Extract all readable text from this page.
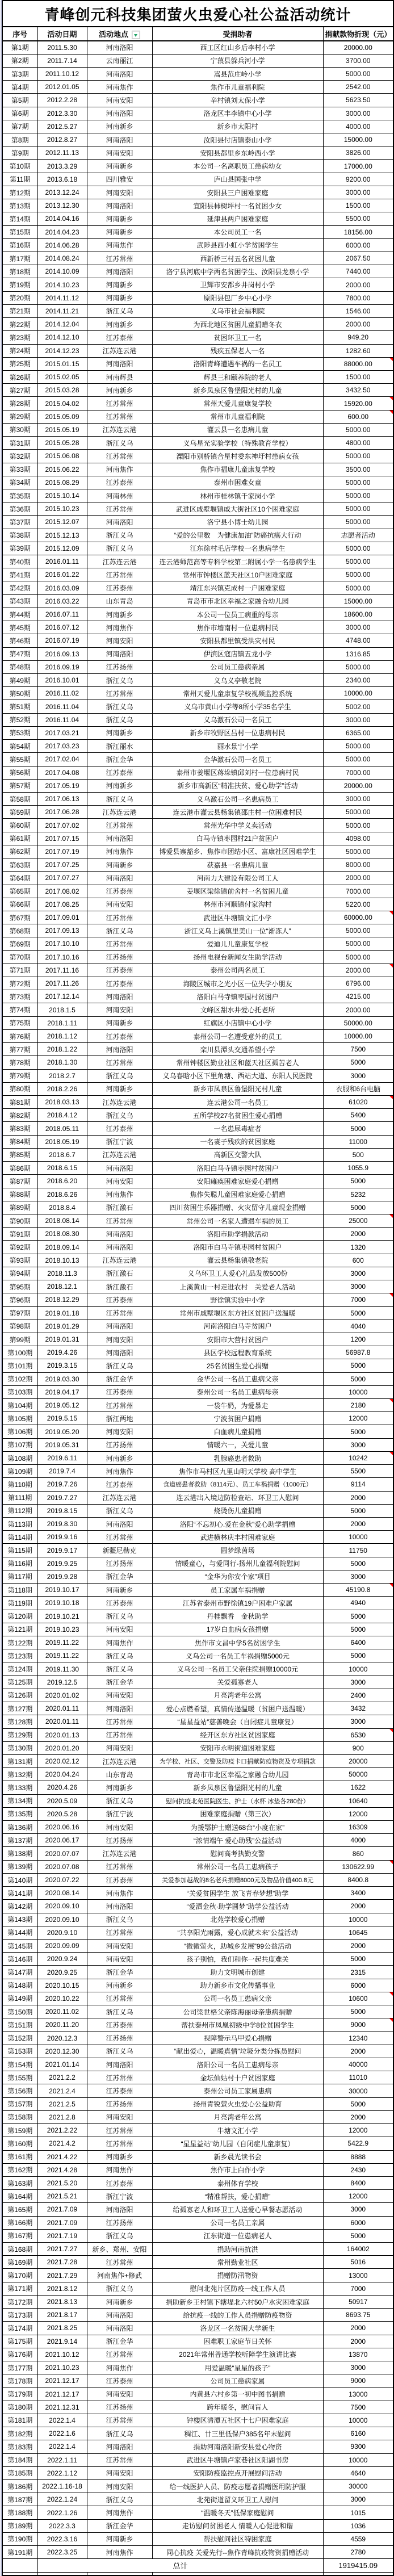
青峰创元科技集团萤火虫爱心社公益活动统计				
序号	活动日期	活动地点	受捐助者	捐献款物折现（元）
第1期	2011.5.30	河南洛阳	西工区红山乡后李村小学	20000.00
第2期	2011.7.14	云南丽江	宁蒗县躲兵河小学	3700.00
第3期	2011.10.12	河南洛阳	嵩县范庄岭小学	5000.00
第4期	2012.01.05	河南焦作	焦作市儿童福利院	2542.00
第5期	2012.2.28	河南安阳	辛村镇刘太保小学	5623.50
第6期	2012.3.30	河南洛阳	洛龙区丰李镇中心小学	3000.00
第7期	2012.5.27	河南新乡	新乡市太阳村	4000.00
第8期	2012.8.27	河南洛阳	汝阳县付店镇泰山小学	15000.00
第9期	2012.11.13	河南安阳	安阳县都里乡东岭西小学	3826.00
第10期	2013.3.29	河南新乡	本公司一名离职员工患病幼女	17000.00
第11期	2013.6.18	四川雅安	庐山县国张中学	9200.00
第12期	2013.12.24	河南安阳	安阳县三户困难家庭	3000.00
第13期	2013.12.30	河南洛阳	宜阳县柿树坪村一名贫困少女	1500.00
第14期	2014.04.16	河南新乡	延津县两户困难家庭	5500.00
第15期	2014.04.23	河南新乡	本公司员工一名	18156.00
第16期	2014.06.28	河南焦作	武陟县西小虹小学贫困学生	6000.00
第17期	2014.08.24	江苏常州	西新桥三村五名贫困儿童	2067.50
第18期	2014.10.09	河南洛阳	洛宁县河底中学两名贫困学生、汝阳县龙泉小学	7440.00
第19期	2014.10.23	河南新乡	卫辉市安都乡井岗村小学	2000.00
第20期	2014.11.12	河南新乡	原阳县包厂乡中心小学	7800.00
第21期	2014.11.21	浙江义乌	义乌市社会福利院	1546.00
第22期	2014.12.04	河南新乡	为西北地区贫困儿童捐赠冬衣	2000.00
第23期	2014.12.10	江苏泰州	贫困环卫工一名	949.20
第24期	2014.12.23	江苏连云港	残疾五保老人一名	1282.60
第25期	2015.01.15	河南洛阳	洛阳青峰遭遇车祸的一名员工	88000.00

第26期	2015.02.05	河南辉县	辉县三和颐养院的老人	1500.00
第27期	2015.03.28	河南新乡	新乡凤泉区鲁堡阳光村的儿童	3432.50
第28期	2015.04.02	江苏常州	常州天爱儿童康复学校	15920.00

第29期	2015.05.09	江苏常州	常州市儿童福利院	600.00

第30期	2015.05.19	江苏连云港	灌云县一名患病儿童	5000.00
第31期	2015.05.28	浙江义乌	义乌星光实验学校（特殊教育学校）	4800.00
第32期	2015.06.08	江苏常州	溧阳市别桥镇合星村委东神圩村患病女孩	5000.00
第33期	2015.06.22	河南焦作	焦作市福康儿童康复学校	3500.00
第34期	2015.08.29	江苏泰州	泰州市困难女童	5000.00
第35期	2015.10.14	河南林州	林州市桂林镇千家岗小学	5000.00
第36期	2015.10.23	江苏常州	武进区戚墅堰镇戚大街社区10个困难家庭	5000.00
第37期	2015.12.07	河南洛阳	洛宁县小博士幼儿园	5000.00
第38期	2015.12.13	浙江义乌	“爱的公里数　为健康加油”防癌抗癌大行动	志愿者活动
第39期	2015.12.09	浙江义乌	江东徐村毛店学校一名患病学生	5000.00
第40期	2016.01.11	江苏连云港	连云港师范高等专科学校第二附属小学一名患病学生	5000.00
第41期	2016.01.22	江苏常州	常州市钟楼区蓝天社区10户困难家庭	5000.00
第42期	2016.03.09	江苏泰州	靖江东兴镇克成村一户困难家庭	5000.00
第43期	2016.03.22	山东青岛	青岛市市北区幸福之家融合幼儿园	15000.00
第44期	2016.07.11	河南新乡	本公司一位员工病重的母亲	18600.00
第45期	2016.07.12	河南焦作	焦作市墙南村一位患病村民	3000.00
第46期	2016.07.19	河南安阳	安阳县都里镇受洪灾村民	4748.00
第47期	2016.09.13	河南洛阳	伊滨区寇店镇五龙小学	1316.85
第48期	2016.09.19	江苏扬州	公司员工患病亲属	5000.00
第49期	2016.10.01	浙江义乌	义乌义亭敬老院	2340.00
第50期	2016.11.02	江苏常州	常州天爱儿童康复学校视频监控系统	10000.00
第51期	2016.11.04	浙江义乌	义乌市黄山小学等8所小学35名学生	5002.00
第52期	2016.11.04	浙江义乌	义乌激石公司一名员工	3000.00
第53期	2017.03.21	河南新乡	新乡市牧野区吕村一位患病村民	6365.00
第54期	2017.03.23	浙江丽水	丽水景宁小学	5000.00
第55期	2017.02.04	浙江金华	金华激石公司一名员工	5000.00
第56期	2017.04.08	江苏泰州	泰州市姜堰区蒋垛镇邱刘村一位患病村民	7000.00
第57期	2017.05.19	河南新乡	新乡市高新区“精准扶贫、爱心助学”活动	20000.00
第58期	2017.06.13	浙江义乌	义乌激石公司一名患病员工	3000.00
第59期	2017.06.28	江苏连云港	连云港市灌云县杨集镇邵庄村一位困难村民	5000.00
第60期	2017.07.02	江苏常州	常州光华中学义卖活动	5000.00
第61期	2017.07.15	河南洛阳	白马寺镇枣园村21户贫困户	4098.00
第62期	2017.07.19	河南焦作	博爱县寨豁乡、焦作市团结小区、富康社区困难学生	5000.00
第63期	2017.07.25	河南新乡	获嘉县一名患病儿童	8000.00
第64期	2017.07.27	河南洛阳	河南力大建设有限公司工人	2000.00
第65期	2017.08.02	江苏泰州	姜堰区梁徐镇前舍村一名贫困儿童	7000.00
第66期	2017.08.25	河南安阳	林州市河顺镇付家沟村	5220.00
第67期	2017.09.01	江苏常州	武进区牛塘镇文汇小学	60000.00

第68期	2017.09.13	浙江义乌	浙江义乌上溪镇里美山一位“渐冻人”	5000.00
第69期	2017.10.10	江苏常州	爱迪儿儿童康复学校	5000.00
第70期	2017.10.16	江苏扬州	扬州电视台新闻女生助学活动	5000.00
第71期	2017.11.16	江苏泰州	泰州公司两名员工	2000.00

第72期	2017.11.26	江苏泰州	海陵区城市之光小区一位失学小朋友	6796.00
第73期	2017.12.14	河南洛阳	洛阳白马寺镇枣园村贫困户	4215.00
第74期	2018.1.5	河南安阳	文峰区甜水井爱心托老所	2000.00
第75期	2018.1.11	河南新乡	红旗区小店镇中心小学	50000.00
第76期	2018.1.12	江苏泰州	泰州公司一名遭受意外的员工	10000.00
第77期	2018.1.22	河南洛阳	栾川县潭头交通希望小学	7500
第78期	2018.1.30	江苏常州	常州钟楼区勤业社区和蓝天社区孤苦老人	5000
第79期	2018.2.7	浙江义乌	义乌春晗小区下里角塘、西站大道、东阳人民医院	3000
第80期	2018.2.26	河南新乡	新乡市凤泉区鲁堡阳光村儿童	衣服和6台电脑
第81期	2018.03.13	江苏连云港	连云港公司一名员工	61020

第82期	2018.4.12	浙江义乌	五所学校27名贫困生爱心捐赠	5400
第83期	2018.05.11	江苏泰州	一名患尿毒症者	5000
第84期	2018.05.19	浙江宁波	一名妻子残疾的贫困家庭	11000
第85期	2018.6.7	江苏连云港	高新区交警大队	500
第86期	2018.6.15	河南洛阳	洛阳白马寺镇枣园村贫困户	1055.9
第87期	2018.6.20	河南安阳	安阳瘫痪困难家庭爱心捐赠	5000
第88期	2018.6.26	河南焦作	焦作失聪儿童困难家庭爱心捐赠	5232
第89期	2018.8.4	浙江激石	四川贫困生乐器捐赠、火灾留守儿童现金捐赠	5000
第90期	2018.08.14	江苏常州	常州公司一名家人遭遇车祸的员工	25000

第91期	2018.08.30	河南洛阳	洛阳市助学捐款活动	2000
第92期	2018.09.14	河南洛阳	洛阳市白马寺镇枣园村贫困户	1320
第93期	2018.10.13	江苏连云港	灌云县杨集镇敬老院	600
第94期	2018.11.3	浙江激石	义乌环卫工人爱心礼品发放500份	3000
第95期	2018.12.1	浙江激石	上溪黄山一村走进农村　关爱老人活动	3000
第96期	2018.12.29	江苏泰州	野徐镇实验中小学	7000

第97期	2019.01.18	江苏常州	常州市戚墅堰区东方社区贫困户送温暖	5000
第98期	2019.01.29	河南洛阳	河南洛阳白马寺贫困户	4040
第99期	2019.01.31	河南安阳	安阳市大营村贫困户	1200
第100期	2019.4.26	河南洛阳	县区学校远程教育系统	56987.8
第101期	2019.3.15	浙江义乌	25名贫困生爱心捐赠	5000
第102期	2019.03.30	浙江金华	金华公司一名员工患病父亲	5000
第103期	2019.04.17	江苏泰州	泰州公司一名员工患病母亲	10000
第104期	2019.05.12	江苏常州	一袋牛奶，为爱暴走	2180

第105期	2019.5.15	浙江两地	宁波贫困户捐赠	12000
第106期	2019.05.20	河南安阳	白血病儿童捐赠	5000
第107期	2019.05.31	江苏扬州	情暖六一，关爱儿童	3000
第108期	2019.6.11	河南新乡	乳腺癌患者救助	10242

第109期	2019.7.4	河南焦作	焦作市马村区九里山明天学校 高中学生	5500
第110期	2019.7.26	江苏泰州	食道癌患者救助（8114元）、员工车祸捐赠（1000元）	9114
第111期	2019.7.27	江苏连云港	连云港出入境边防检查站、环卫工人慰问	2000
第112期	2019.8.15	浙江义乌	烧烫伤儿童捐赠	5000
第113期	2019.8.30	河南洛阳	洛阳“不忘初心.爱在金秋”爱心助学捐赠	2000
第114期	2019.9.16	江苏常州	武进横林庆丰村困难家庭	10000
第115期	2019.9.17	新疆尼勒克	圆梦绿茵场	11750
第116期	2019.9.25	江苏扬州	情暖童心，与爱同行-扬州儿童福利院慰问	5000
第117期	2019.9.28	浙江金华	“金华为你安个家”项目	3000
第118期	2019.10.17	河南新乡	员工家属车祸捐赠	45190.8

第119期	2019.10.18	江苏泰州	江苏省泰州市野徐镇19户困难户家属	4940
第120期	2019.10.21	浙江义乌	丹桂飘香　金秋助学	5000
第121期	2019.10.23	河南安阳	17岁白血病女孩捐赠	5000
第122期	2019.11.22	河南焦作	焦作市文昌中学5名贫困学生	6400
第123期	2019.11.22	浙江义乌	义乌公司一名员工车祸捐赠5000元	5000
第124期	2019.11.30	浙江义乌	义乌公司一名员工父亲住院捐赠10000元	10000
第125期	2019.12.5	浙江金华	关爱孤寡老人	3000
第126期	2020.01.02	河南安阳	月亮湾老年公寓	2400
第127期	2020.01.11	河南洛阳	爱心点燃希望，真情传递温暖（贫困户送温暖）	3432
第128期	2020.01.11	江苏常州	“星星益站”慈善晚会（自闭症儿童康复）	3000
第129期	2020.01.13	江苏常州	经开区东方社区贫困家庭	6530

第130期	2020.01.20	河南安阳	安阳市永明街道困难家庭	900
第131期	2020.02.12	江苏连云港	为学校、社区、交警及防疫卡口捐献防疫物资及专项捐款	20000
第132期	2020.04.24	山东青岛	青岛市市北区幸福之家融合幼儿园	50000
第133期	2020.4.26	河南新乡	新乡凤泉区鲁堡阳光村的儿童	1622
第134期	2020.5.09	浙江义乌	慰问抗疫北苑医院医生、护士（水杯 冰垫各280份）	10640
第135期	2020.5.28	浙江宁波	困难家庭捐赠（第三次）	12000
第136期	2020.06.16	河南安阳	为援鄂护士赠送68台“小度在家”	16309
第137期	2020.06.17	江苏扬州	“浓情端午 爱心助残”公益活动	4000
第138期	2020.07.07	江苏连云港	慰问高考执勤交警	860
第139期	2020.07.08	江苏常州	常州公司一名员工患病孩子	130622.99

第140期	2020.07.22	江苏泰州	关爱参加越战的8名老兵捐赠8000元及物品价值400.8元	8400.8
第141期	2020.08.14	河南焦作	“关爱贫困学生 放飞青春梦想”助学	3400
第142期	2020.09.10	河南洛阳	“爱洒金秋·助学圆梦”助学公益活动	2000
第143期	2020.09.10	浙江义乌	北苑学校爱心捐赠	10000
第144期	2020.9.10	江苏常州	“共享阳光雨露，爱心成就未来”公益活动	10645
第145期	2020.09.09	河南安阳	“微微萤火，助城乡发展”99公益活动	2000
第146期	2020.9.24	河南安阳	孩子别怕，我们和你一起共度难关	5000
第147期	2020.9.25	浙江金华	助力文明城市创建	2315
第148期	2020.10.15	河南新乡	助力新乡市文化传播事业	6000
第149期	2020.10.22	江苏常州	公司一名员工患病父亲	10600

第150期	2020.11.02	浙江义乌	公司梁世格父亲陈海丽母亲患病捐赠	5000
第151期	2020.11.20	江苏泰州	帮扶泰州市凤凰初级中学8位贫困学生	9000

第152期	2020.12.3	江苏扬州	视障警示马甲爱心捐赠	12340
第153期	2020.12.30	浙江义乌	“献出爱心，温暖真情”垃圾分类分拣员慰问	2000
第154期	2021.01.14	河南洛阳	洛阳公司一名员工患病母亲	40000
第155期	2021.2.2	江苏常州	金坛仙姑村十户贫困家庭	11010
第156期	2021.2.4	江苏泰州	泰州公司员工家属患病	30000
第157期	2021.2.5	江苏扬州	扬州青锐萤火虫爱心公益助育	5000
第158期	2021.2.8	河南安阳	月亮湾老年公寓	2000
第159期	2021.2.22	江苏常州	牛塘文汇小学	12000
第160期	2021.4.2	江苏常州	“星星益站”幼儿园（自闭症儿童康复）	5422.9
第161期	2021.4.22	河南新乡	新乡晨光读书会	8888
第162期	2021.4.28	河南焦作	焦作市上白作小学	2430
第163期	2021.5.20	江苏泰州	泰州体育学校	8400
第164期	2021.5.21	浙江宁波	“精准帮扶，爱心捐赠”	12000
第165期	2021.7.09	河南洛阳	给孤寡老人和环卫工人送爱心早餐志愿活动	3000
第166期	2021.7.09	江苏扬州	公司一名员工亲属	6000
第167期	2021.7.19	浙江义乌	江东街道一位患病老人	5000
第168期	2021.7.27	新乡、郑州、安阳	捐助河南抗洪	164002
第169期	2021.7.28	江苏常州	常州勤业社区	5016
第170期	2021.7.29	河南焦作+修武	捐赠防汛物资	13000
第171期	2021.8.12	浙江义乌	慰问北苑片区防疫一线工作人员	7000
第172期	2021.8.13	河南新乡	捐助新乡王村镇下辖堤北六村50户水灾困难家庭	50917
第173期	2021.8.17	河南洛阳	给抗疫一线的工作人员捐赠防疫物资	8693.75
第174期	2021.8.25	河南洛阳	洛龙区一名贫困大学新生	2000
第175期	2021.9.14	浙江金华	困难职工家庭节日关怀	2000
第176期	2021.10.12	江苏常州	2021年常州普通学校听障学生演讲比赛	13870
第177期	2021.10.23	河南焦作	用爱温暖“星星的孩子”	3000
第178期	2021.12.17	江苏泰州	公司员工患病家属	9000
第179期	2021.12.17	河南安阳	内黄县六村乡第一初中图书捐赠	13000
第180期	2021.12.31	江苏扬州	跨年暖冬，慰问盲人	7500
第181期	2022.1.4	江苏常州	钟楼区清潭五社区十七户困难家庭	10000
第182期	2022.1.6	浙江义乌	稠江、廿三里低保户385名年末慰问	6160
第183期	2022.1.4	河南洛阳	捐助河南洛阳新安县爱心物资	9300
第184期	2022.1.11	江苏常州	武进区牛塘镇卢家巷社区阳湖书房	10000
第185期	2022.1.12	河南安阳	安阳防疫监控点开展慰问活动	4640
第186期	2022.1.16-18	河南安阳	给一线医护人员、防疫志愿者捐赠医用防护服	30000
第187期	2022.1.24	浙江义乌	北苑街道留义环卫工人慰问	3000
第188期	2022.1.26	河南焦作	“温暖冬天”低保家庭慰问	1015
第189期	2022.3.3	浙江金华	走访慰问贫困老人 情暖人心促进和谐	1036
第190期	2022.3.16	河南新乡	帮扶慰问社区特困家庭	4559
第191期	2022.3.25	河南焦作	同心抗疫 关爱先行--焦作青峰抗疫物资捐赠活动	2780
	总计			1919415.09
